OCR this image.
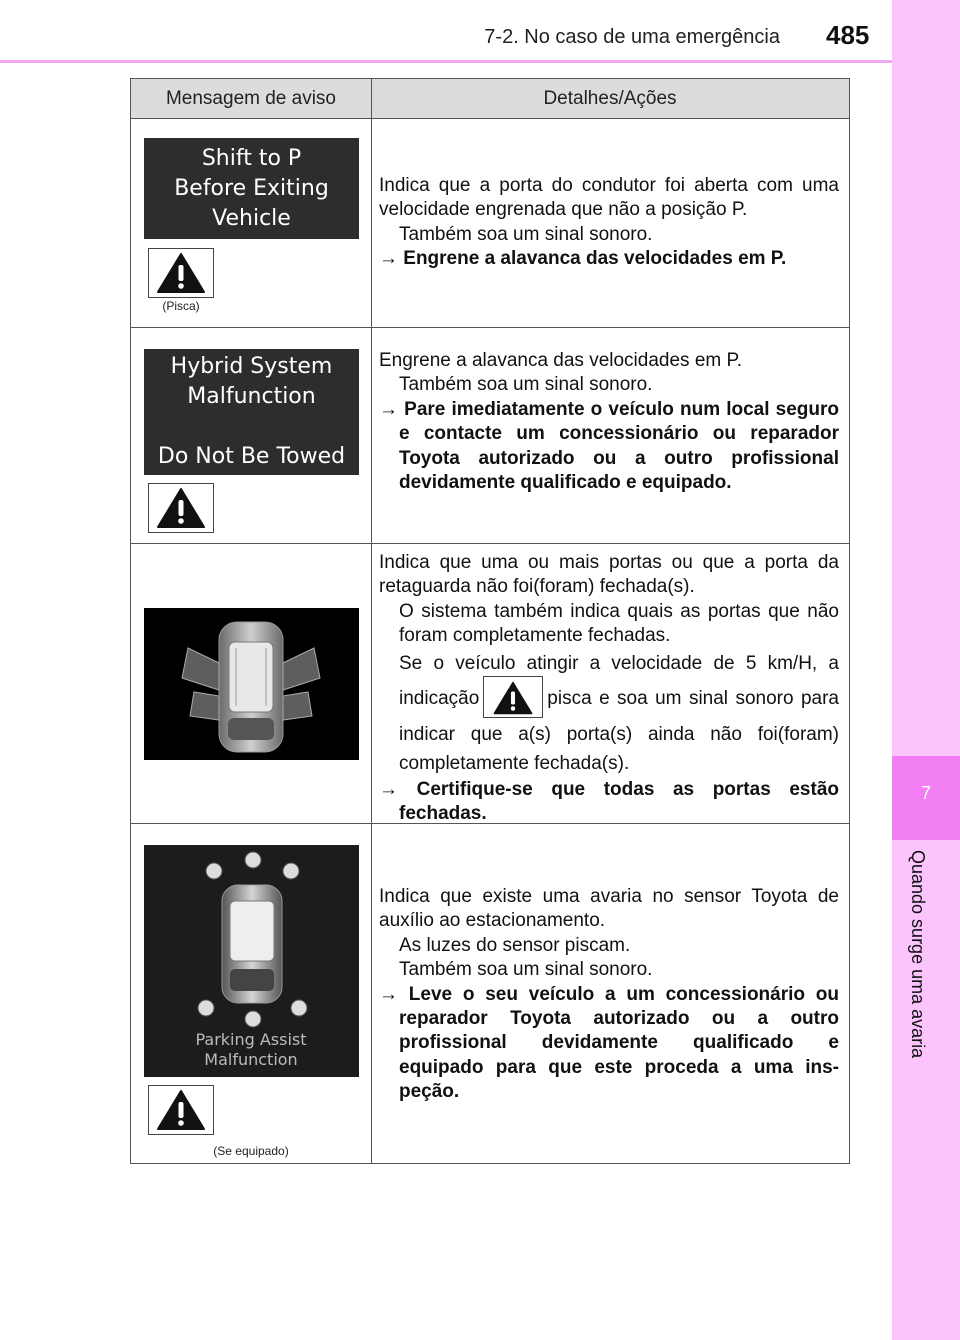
7-2. No caso de uma emergência 485
7
Quando surge uma avaria
Mensagem de aviso	Detalhes/Ações
Shift to P
Before Exiting
Vehicle
(Pisca)

Indica que a porta do condutor foi aberta com uma velocidade engrenada que não a posição P.

Também soa um sinal sonoro.

→ Engrene a alavanca das velocidades em P.

Hybrid System
Malfunction
Do Not Be Towed

Engrene a alavanca das velocidades em P.

Também soa um sinal sonoro.

→ Pare imediatamente o veículo num local seguro e contacte um concessionário ou reparador Toyota autorizado ou a outro profissional devidamente qualificado e equipado.

Indica que uma ou mais portas ou que a porta da retaguarda não foi(foram) fechada(s).

O sistema também indica quais as portas que não foram completamente fechadas.

Se o veículo atingir a velocidade de 5 km/H, a indicação	pisca e soa um sinal sonoro para indicar que a(s) porta(s) ainda não foi(foram) completamente fechada(s).

→ Certifique-se que todas as portas estão fechadas.

Parking Assist
Malfunction
(Se equipado)

Indica que existe uma avaria no sensor Toyota de auxílio ao estacionamento.

As luzes do sensor piscam.

Também soa um sinal sonoro.

→ Leve o seu veículo a um concessionário ou reparador Toyota autorizado ou a outro profissional devidamente qualificado e equipado para que este proceda a uma ins-peção.
